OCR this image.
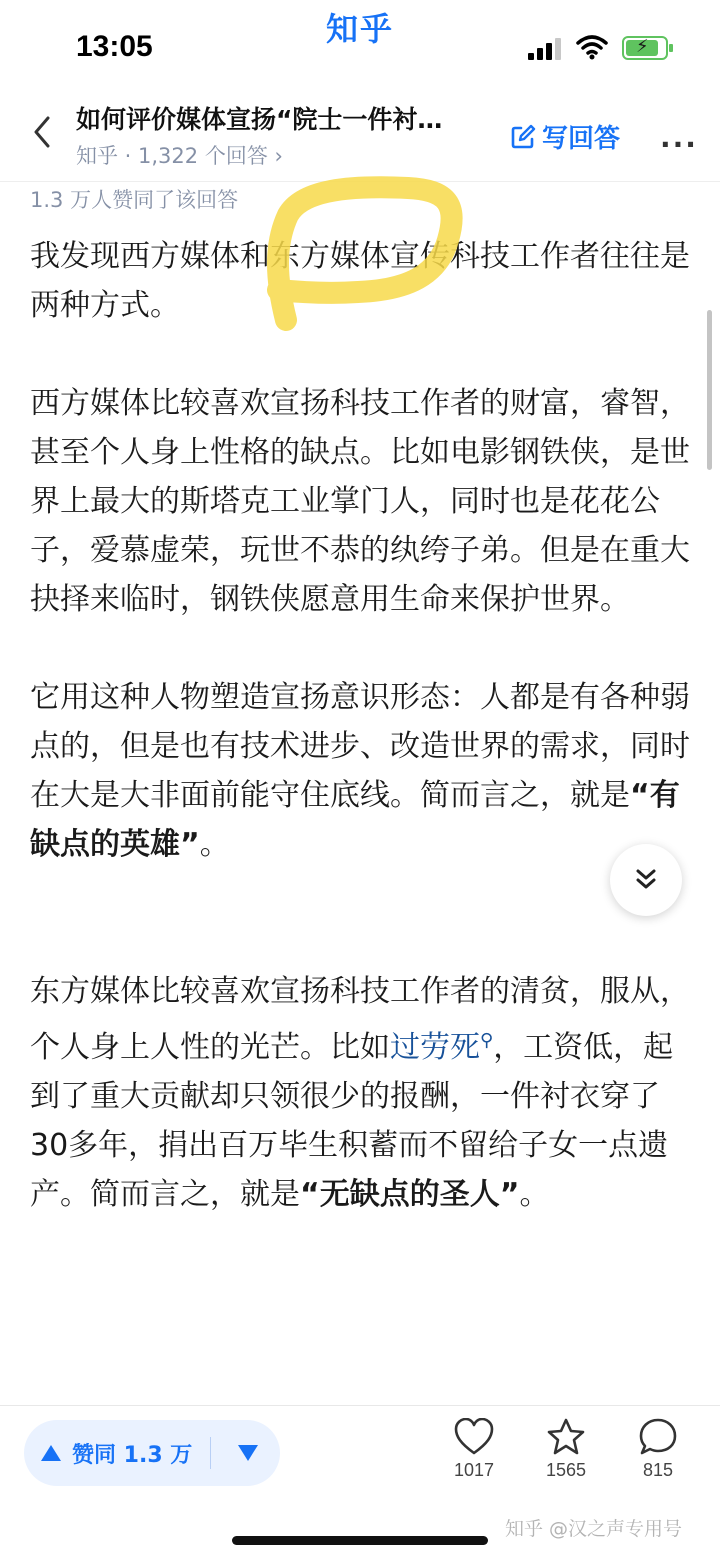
知乎
13:05	⚡
如何评价媒体宣扬“院士一件衬…
知乎 · 1,322 个回答 ›
写回答 ···
1.3 万人赞同了该回答

我发现西方媒体和东方媒体宣传科技工作者往往是两种方式。

西方媒体比较喜欢宣扬科技工作者的财富，睿智，甚至个人身上性格的缺点。比如电影钢铁侠，是世界上最大的斯塔克工业掌门人，同时也是花花公子，爱慕虚荣，玩世不恭的纨绔子弟。但是在重大抉择来临时，钢铁侠愿意用生命来保护世界。

它用这种人物塑造宣扬意识形态：人都是有各种弱点的，但是也有技术进步、改造世界的需求，同时在大是大非面前能守住底线。简而言之，就是“有缺点的英雄”。

东方媒体比较喜欢宣扬科技工作者的清贫，服从，个人身上人性的光芒。比如过劳死⚲，工资低，起到了重大贡献却只领很少的报酬，一件衬衣穿了30多年，捐出百万毕生积蓄而不留给子女一点遗产。简而言之，就是“无缺点的圣人”。

赞同 1.3 万
1017	1565	815
知乎 @汉之声专用号
